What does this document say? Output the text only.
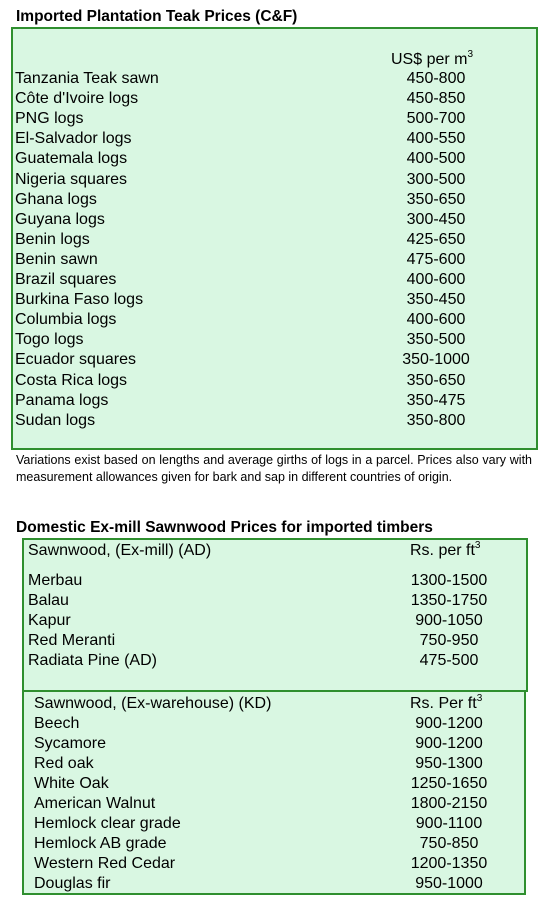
Imported Plantation Teak Prices (C&F)
US$ per $m^3$
Tanzania Teak sawn	450-800
Côte d'Ivoire logs	450-850
PNG logs	500-700
El-Salvador logs	400-550
Guatemala logs	400-500
Nigeria squares	300-500
Ghana logs	350-650
Guyana logs	300-450
Benin logs	425-650
Benin sawn	475-600
Brazil squares	400-600
Burkina Faso logs	350-450
Columbia logs	400-600
Togo logs	350-500
Ecuador squares	350-1000
Costa Rica logs	350-650
Panama logs	350-475
Sudan logs	350-800
Variations exist based on lengths and average girths of logs in a parcel. Prices also vary with measurement allowances given for bark and sap in different countries of origin.
Domestic Ex-mill Sawnwood Prices for imported timbers
Sawnwood, (Ex-mill) (AD)	Rs. per $ft^3$
Merbau	1300-1500
Balau	1350-1750
Kapur	900-1050
Red Meranti	750-950
Radiata Pine (AD)	475-500
Sawnwood, (Ex-warehouse) (KD)	Rs. Per $ft^3$
Beech	900-1200
Sycamore	900-1200
Red oak	950-1300
White Oak	1250-1650
American Walnut	1800-2150
Hemlock clear grade	900-1100
Hemlock AB grade	750-850
Western Red Cedar	1200-1350
Douglas fir	950-1000
